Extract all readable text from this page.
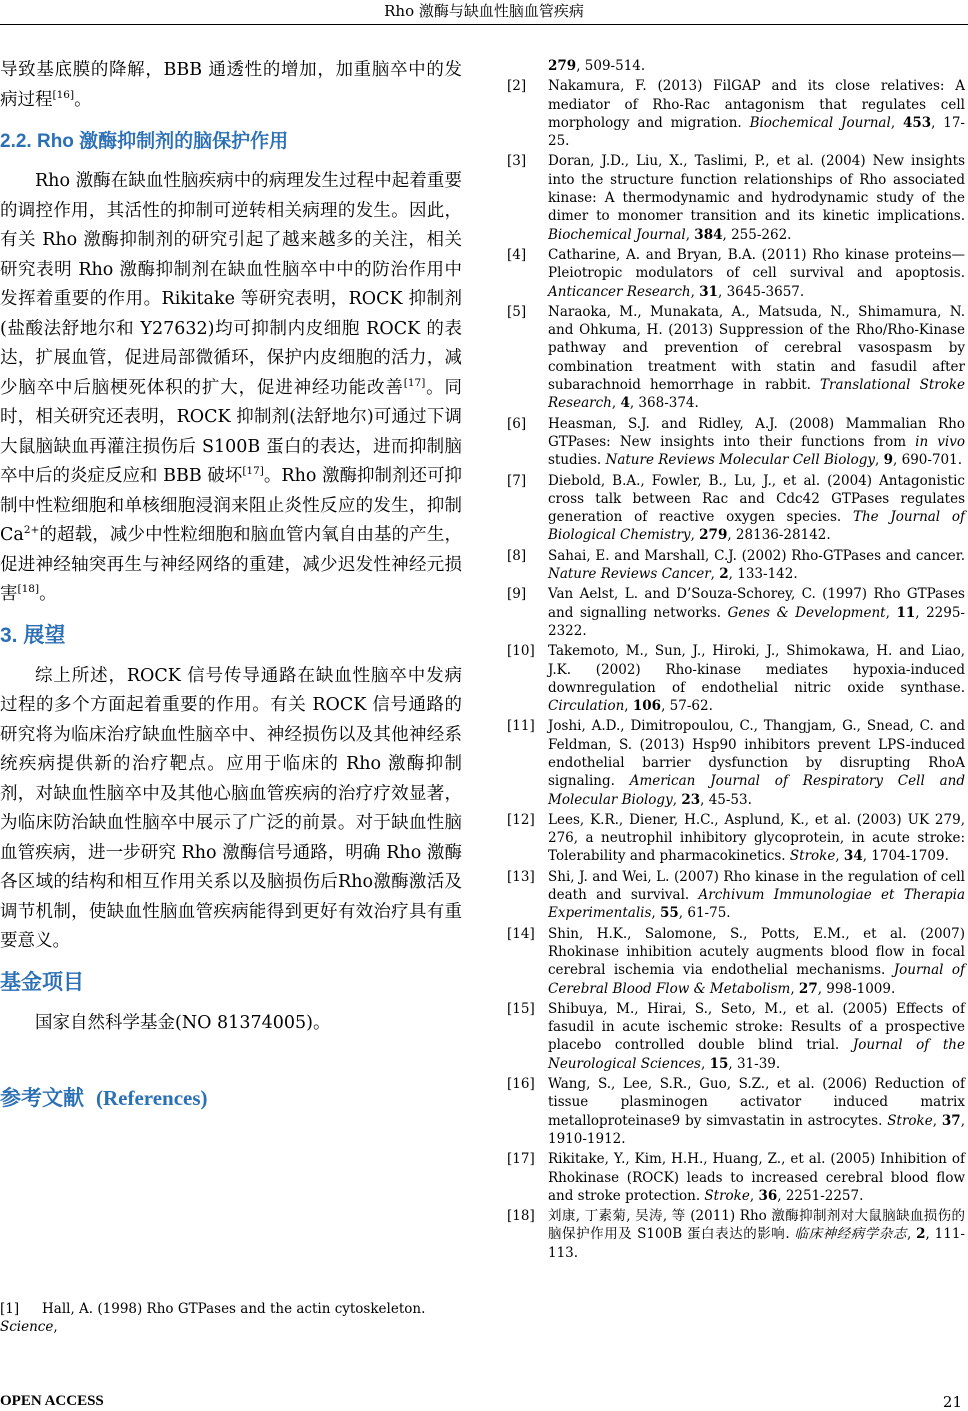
Rho 激酶与缺血性脑血管疾病

导致基底膜的降解，BBB 通透性的增加，加重脑卒中的发病过程[16]。

2.2. Rho 激酶抑制剂的脑保护作用

Rho 激酶在缺血性脑疾病中的病理发生过程中起着重要的调控作用，其活性的抑制可逆转相关病理的发生。因此，有关 Rho 激酶抑制剂的研究引起了越来越多的关注，相关研究表明 Rho 激酶抑制剂在缺血性脑卒中中的防治作用中发挥着重要的作用。Rikitake 等研究表明，ROCK 抑制剂(盐酸法舒地尔和 Y27632)均可抑制内皮细胞 ROCK 的表达，扩展血管，促进局部微循环，保护内皮细胞的活力，减少脑卒中后脑梗死体积的扩大，促进神经功能改善[17]。同时，相关研究还表明，ROCK 抑制剂(法舒地尔)可通过下调大鼠脑缺血再灌注损伤后 S100B 蛋白的表达，进而抑制脑卒中后的炎症反应和 BBB 破坏[17]。Rho 激酶抑制剂还可抑制中性粒细胞和单核细胞浸润来阻止炎性反应的发生，抑制 $Ca^{2+}$的超载，减少中性粒细胞和脑血管内氧自由基的产生，促进神经轴突再生与神经网络的重建，减少迟发性神经元损害[18]。

3. 展望

综上所述，ROCK 信号传导通路在缺血性脑卒中发病过程的多个方面起着重要的作用。有关 ROCK 信号通路的研究将为临床治疗缺血性脑卒中、神经损伤以及其他神经系统疾病提供新的治疗靶点。应用于临床的 Rho 激酶抑制剂，对缺血性脑卒中及其他心脑血管疾病的治疗疗效显著，为临床防治缺血性脑卒中展示了广泛的前景。对于缺血性脑血管疾病，进一步研究 Rho 激酶信号通路，明确 Rho 激酶各区域的结构和相互作用关系以及脑损伤后Rho激酶激活及调节机制，使缺血性脑血管疾病能得到更好有效治疗具有重要意义。

基金项目

国家自然科学基金(NO 81374005)。

参考文献 (References)
[1] Hall, A. (1998) Rho GTPases and the actin cytoskeleton. Science,

279, 509-514.

[2] Nakamura, F. (2013) FilGAP and its close relatives: A mediator of Rho-Rac antagonism that regulates cell morphology and migration. Biochemical Journal, 453, 17-25.

[3] Doran, J.D., Liu, X., Taslimi, P., et al. (2004) New insights into the structure function relationships of Rho associated kinase: A thermodynamic and hydrodynamic study of the dimer to monomer transition and its kinetic implications. Biochemical Journal, 384, 255-262.

[4] Catharine, A. and Bryan, B.A. (2011) Rho kinase proteins—Pleiotropic modulators of cell survival and apoptosis. Anticancer Research, 31, 3645-3657.

[5] Naraoka, M., Munakata, A., Matsuda, N., Shimamura, N. and Ohkuma, H. (2013) Suppression of the Rho/Rho-Kinase pathway and prevention of cerebral vasospasm by combination treatment with statin and fasudil after subarachnoid hemorrhage in rabbit. Translational Stroke Research, 4, 368-374.

[6] Heasman, S.J. and Ridley, A.J. (2008) Mammalian Rho GTPases: New insights into their functions from in vivo studies. Nature Reviews Molecular Cell Biology, 9, 690-701.

[7] Diebold, B.A., Fowler, B., Lu, J., et al. (2004) Antagonistic cross talk between Rac and Cdc42 GTPases regulates generation of reactive oxygen species. The Journal of Biological Chemistry, 279, 28136-28142.

[8] Sahai, E. and Marshall, C.J. (2002) Rho-GTPases and cancer. Nature Reviews Cancer, 2, 133-142.

[9] Van Aelst, L. and D’Souza-Schorey, C. (1997) Rho GTPases and signalling networks. Genes & Development, 11, 2295-2322.

[10] Takemoto, M., Sun, J., Hiroki, J., Shimokawa, H. and Liao, J.K. (2002) Rho-kinase mediates hypoxia-induced downregulation of endothelial nitric oxide synthase. Circulation, 106, 57-62.

[11] Joshi, A.D., Dimitropoulou, C., Thangjam, G., Snead, C. and Feldman, S. (2013) Hsp90 inhibitors prevent LPS-induced endothelial barrier dysfunction by disrupting RhoA signaling. American Journal of Respiratory Cell and Molecular Biology, 23, 45-53.

[12] Lees, K.R., Diener, H.C., Asplund, K., et al. (2003) UK 279, 276, a neutrophil inhibitory glycoprotein, in acute stroke: Tolerability and pharmacokinetics. Stroke, 34, 1704-1709.

[13] Shi, J. and Wei, L. (2007) Rho kinase in the regulation of cell death and survival. Archivum Immunologiae et Therapia Experimentalis, 55, 61-75.

[14] Shin, H.K., Salomone, S., Potts, E.M., et al. (2007) Rhokinase inhibition acutely augments blood flow in focal cerebral ischemia via endothelial mechanisms. Journal of Cerebral Blood Flow & Metabolism, 27, 998-1009.

[15] Shibuya, M., Hirai, S., Seto, M., et al. (2005) Effects of fasudil in acute ischemic stroke: Results of a prospective placebo controlled double blind trial. Journal of the Neurological Sciences, 15, 31-39.

[16] Wang, S., Lee, S.R., Guo, S.Z., et al. (2006) Reduction of tissue plasminogen activator induced matrix metalloproteinase9 by simvastatin in astrocytes. Stroke, 37, 1910-1912.

[17] Rikitake, Y., Kim, H.H., Huang, Z., et al. (2005) Inhibition of Rhokinase (ROCK) leads to increased cerebral blood flow and stroke protection. Stroke, 36, 2251-2257.

[18] 刘康, 丁素菊, 吴涛, 等 (2011) Rho 激酶抑制剂对大鼠脑缺血损伤的脑保护作用及 S100B 蛋白表达的影响. 临床神经病学杂志, 2, 111-113.

OPEN ACCESS	21
